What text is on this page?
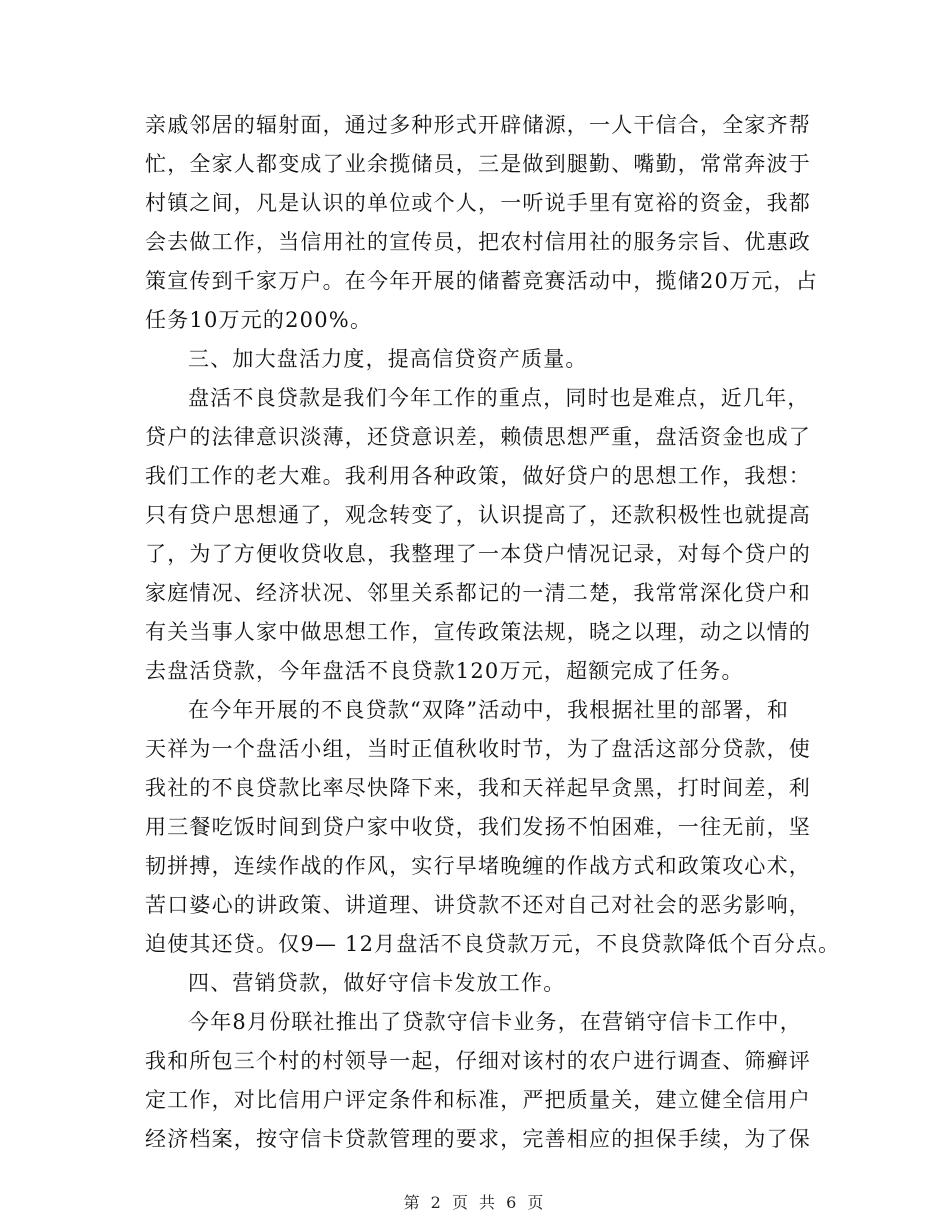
亲戚邻居的辐射面，通过多种形式开辟储源，一人干信合，全家齐帮
忙，全家人都变成了业余揽储员，三是做到腿勤、嘴勤，常常奔波于
村镇之间，凡是认识的单位或个人，一听说手里有宽裕的资金，我都
会去做工作，当信用社的宣传员，把农村信用社的服务宗旨、优惠政
策宣传到千家万户。在今年开展的储蓄竞赛活动中，揽储20万元，占
任务10万元的200%。
三、加大盘活力度，提高信贷资产质量。
盘活不良贷款是我们今年工作的重点，同时也是难点，近几年，
贷户的法律意识淡薄，还贷意识差，赖债思想严重，盘活资金也成了
我们工作的老大难。我利用各种政策，做好贷户的思想工作，我想：
只有贷户思想通了，观念转变了，认识提高了，还款积极性也就提高
了，为了方便收贷收息，我整理了一本贷户情况记录，对每个贷户的
家庭情况、经济状况、邻里关系都记的一清二楚，我常常深化贷户和
有关当事人家中做思想工作，宣传政策法规，晓之以理，动之以情的
去盘活贷款，今年盘活不良贷款120万元，超额完成了任务。
在今年开展的不良贷款“双降”活动中，我根据社里的部署，和
天祥为一个盘活小组，当时正值秋收时节，为了盘活这部分贷款，使
我社的不良贷款比率尽快降下来，我和天祥起早贪黑，打时间差，利
用三餐吃饭时间到贷户家中收贷，我们发扬不怕困难，一往无前，坚
韧拼搏，连续作战的作风，实行早堵晚缠的作战方式和政策攻心术，
苦口婆心的讲政策、讲道理、讲贷款不还对自己对社会的恶劣影响，
迫使其还贷。仅9— 12月盘活不良贷款万元，不良贷款降低个百分点。
四、营销贷款，做好守信卡发放工作。
今年8月份联社推出了贷款守信卡业务，在营销守信卡工作中，
我和所包三个村的村领导一起，仔细对该村的农户进行调查、筛癣评
定工作，对比信用户评定条件和标准，严把质量关，建立健全信用户
经济档案，按守信卡贷款管理的要求，完善相应的担保手续，为了保
第 2 页 共 6 页
